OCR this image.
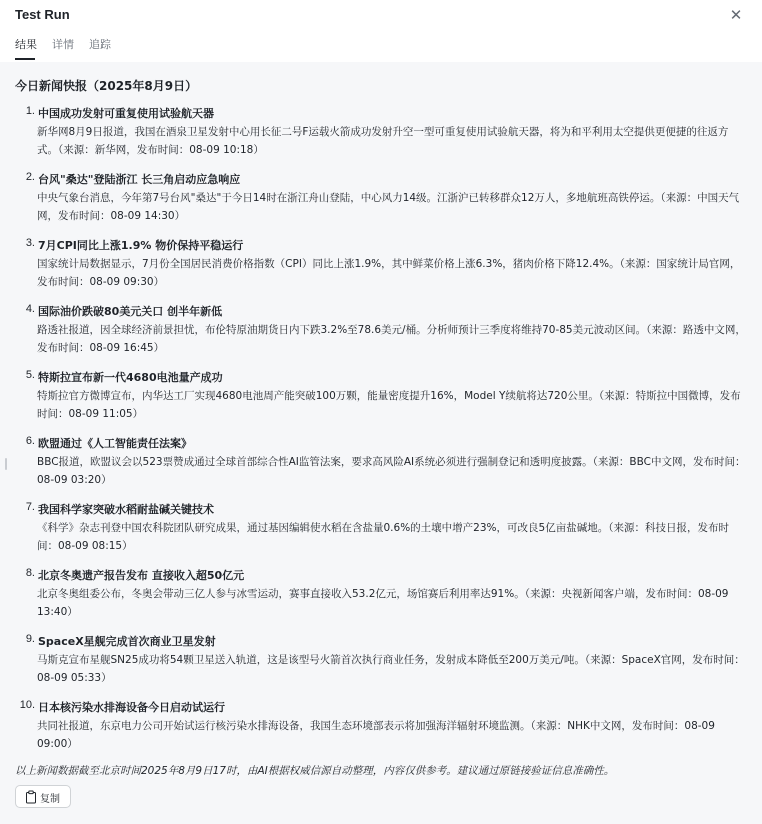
Test Run	✕
结果 详情 追踪
今日新闻快报（2025年8月9日）
1. 中国成功发射可重复使用试验航天器
新华网8月9日报道，我国在酒泉卫星发射中心用长征二号F运载火箭成功发射升空一型可重复使用试验航天器，将为和平利用太空提供更便捷的往返方式。（来源：新华网，发布时间：08-09 10:18）
2. 台风"桑达"登陆浙江 长三角启动应急响应
中央气象台消息，今年第7号台风"桑达"于今日14时在浙江舟山登陆，中心风力14级。江浙沪已转移群众12万人，多地航班高铁停运。（来源：中国天气网，发布时间：08-09 14:30）
3. 7月CPI同比上涨1.9% 物价保持平稳运行
国家统计局数据显示，7月份全国居民消费价格指数（CPI）同比上涨1.9%，其中鲜菜价格上涨6.3%，猪肉价格下降12.4%。（来源：国家统计局官网，发布时间：08-09 09:30）
4. 国际油价跌破80美元关口 创半年新低
路透社报道，因全球经济前景担忧，布伦特原油期货日内下跌3.2%至78.6美元/桶。分析师预计三季度将维持70-85美元波动区间。（来源：路透中文网，发布时间：08-09 16:45）
5. 特斯拉宣布新一代4680电池量产成功
特斯拉官方微博宣布，内华达工厂实现4680电池周产能突破100万颗，能量密度提升16%，Model Y续航将达720公里。（来源：特斯拉中国微博，发布时间：08-09 11:05）
6. 欧盟通过《人工智能责任法案》
BBC报道，欧盟议会以523票赞成通过全球首部综合性AI监管法案，要求高风险AI系统必须进行强制登记和透明度披露。（来源：BBC中文网，发布时间：08-09 03:20）
7. 我国科学家突破水稻耐盐碱关键技术
《科学》杂志刊登中国农科院团队研究成果，通过基因编辑使水稻在含盐量0.6%的土壤中增产23%，可改良5亿亩盐碱地。（来源：科技日报，发布时间：08-09 08:15）
8. 北京冬奥遗产报告发布 直接收入超50亿元
北京冬奥组委公布，冬奥会带动三亿人参与冰雪运动，赛事直接收入53.2亿元，场馆赛后利用率达91%。（来源：央视新闻客户端，发布时间：08-09 13:40）
9. SpaceX星舰完成首次商业卫星发射
马斯克宣布星舰SN25成功将54颗卫星送入轨道，这是该型号火箭首次执行商业任务，发射成本降低至200万美元/吨。（来源：SpaceX官网，发布时间：08-09 05:33）
10. 日本核污染水排海设备今日启动试运行
共同社报道，东京电力公司开始试运行核污染水排海设备，我国生态环境部表示将加强海洋辐射环境监测。（来源：NHK中文网，发布时间：08-09 09:00）
以上新闻数据截至北京时间2025年8月9日17时，由AI根据权威信源自动整理，内容仅供参考。建议通过原链接验证信息准确性。
复制
